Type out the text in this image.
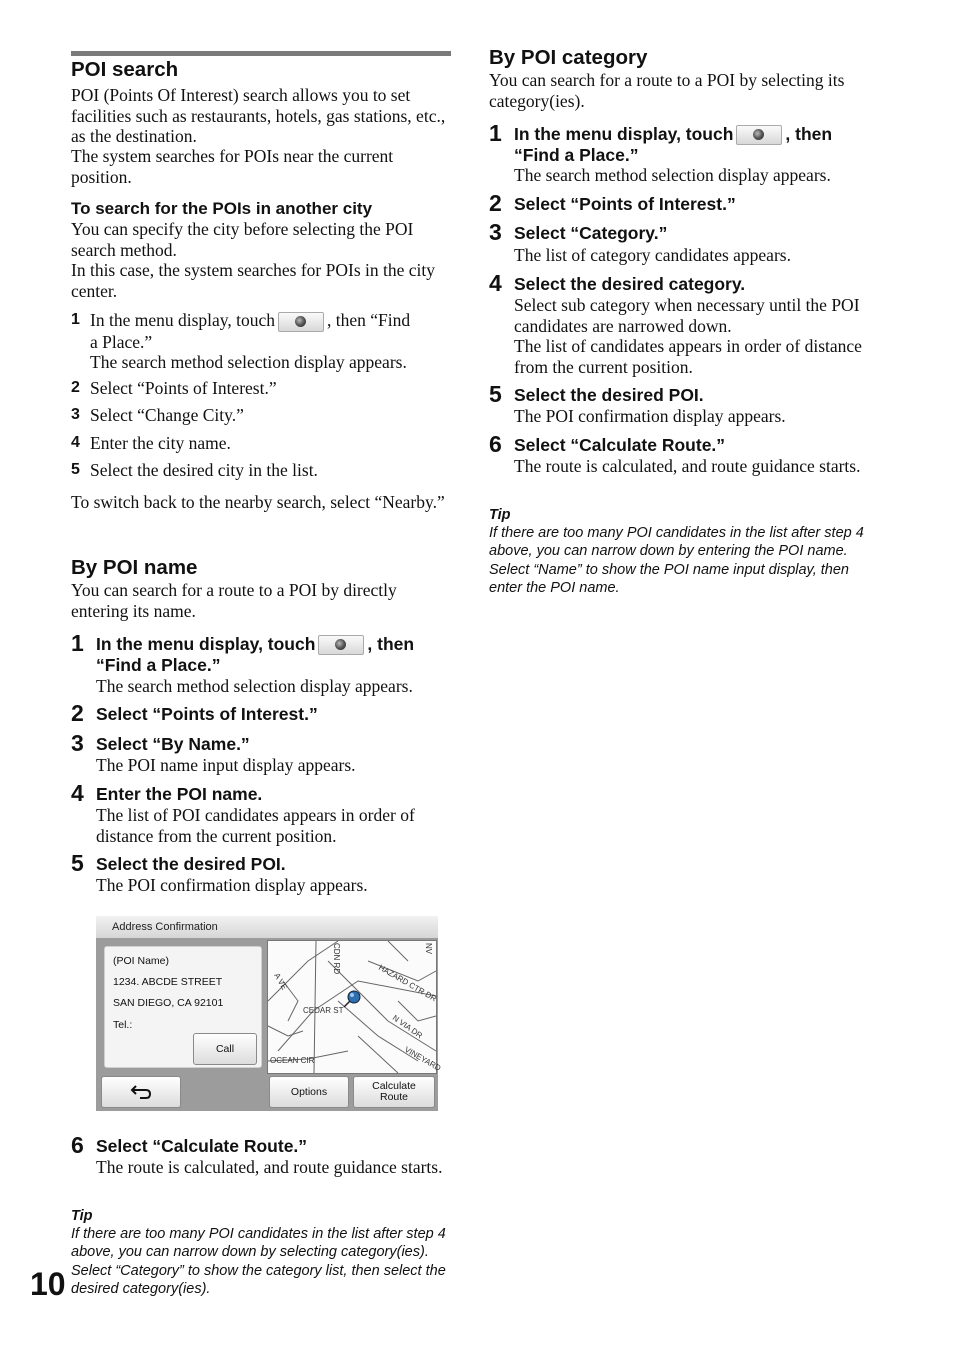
POI search
POI (Points Of Interest) search allows you to set facilities such as restaurants, hotels, gas stations, etc., as the destination.
The system searches for POIs near the current position.
To search for the POIs in another city
You can specify the city before selecting the POI search method.
In this case, the system searches for POIs in the city center.
1 In the menu display, touch	, then “Find
a Place.”
The search method selection display appears.
2 Select “Points of Interest.”
3 Select “Change City.”
4 Enter the city name.
5 Select the desired city in the list.
To switch back to the nearby search, select “Nearby.”
By POI name
You can search for a route to a POI by directly entering its name.
1 In the menu display, touch	, then
“Find a Place.”
The search method selection display appears.
2 Select “Points of Interest.”
3 Select “By Name.”
The POI name input display appears.
4 Enter the POI name.
The list of POI candidates appears in order of distance from the current position.
5 Select the desired POI.
The POI confirmation display appears.
6 Select “Calculate Route.”
The route is calculated, and route guidance starts.
Tip
If there are too many POI candidates in the list after step 4 above, you can narrow down by selecting category(ies). Select “Category” to show the category list, then select the desired category(ies).
Address Confirmation
(POI Name)
1234. ABCDE STREET
SAN DIEGO, CA 92101
Tel.:
Call
CEDAR ST
HAZARD CTR DR
N VIA DR
VINEYARD
OCEAN CIR
CDN RD
A VE
NV
Options	Calculate
Route
By POI category
You can search for a route to a POI by selecting its category(ies).
1 In the menu display, touch	, then
“Find a Place.”
The search method selection display appears.
2 Select “Points of Interest.”
3 Select “Category.”
The list of category candidates appears.
4 Select the desired category.
Select sub category when necessary until the POI candidates are narrowed down.
The list of candidates appears in order of distance from the current position.
5 Select the desired POI.
The POI confirmation display appears.
6 Select “Calculate Route.”
The route is calculated, and route guidance starts.
Tip
If there are too many POI candidates in the list after step 4 above, you can narrow down by entering the POI name. Select “Name” to show the POI name input display, then enter the POI name.
10
